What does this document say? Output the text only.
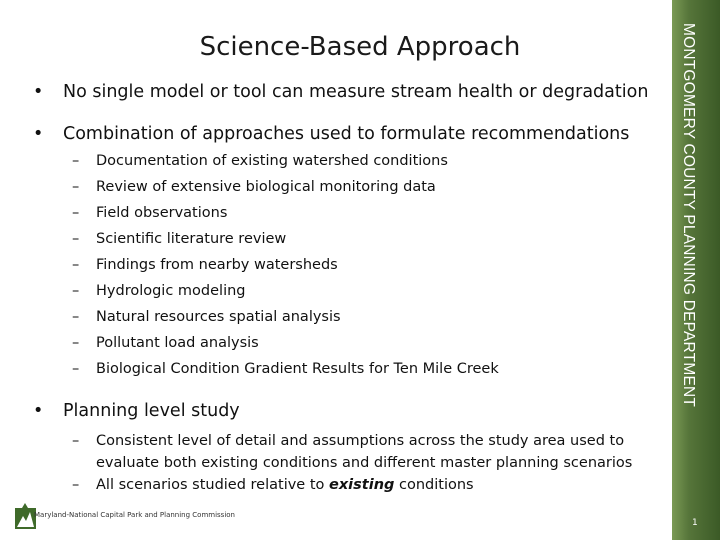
Science-Based Approach
• No single model or tool can measure stream health or degradation
• Combination of approaches used to formulate recommendations
– Documentation of existing watershed conditions
– Review of extensive biological monitoring data
– Field observations
– Scientific literature review
– Findings from nearby watersheds
– Hydrologic modeling
– Natural resources spatial analysis
– Pollutant load analysis
– Biological Condition Gradient Results for Ten Mile Creek
• Planning level study
– Consistent level of detail and assumptions across the study area used to evaluate both existing conditions and different master planning scenarios
– All scenarios studied relative to existing conditions
Maryland-National Capital Park and Planning Commission
MONTGOMERY COUNTY PLANNING DEPARTMENT
1
